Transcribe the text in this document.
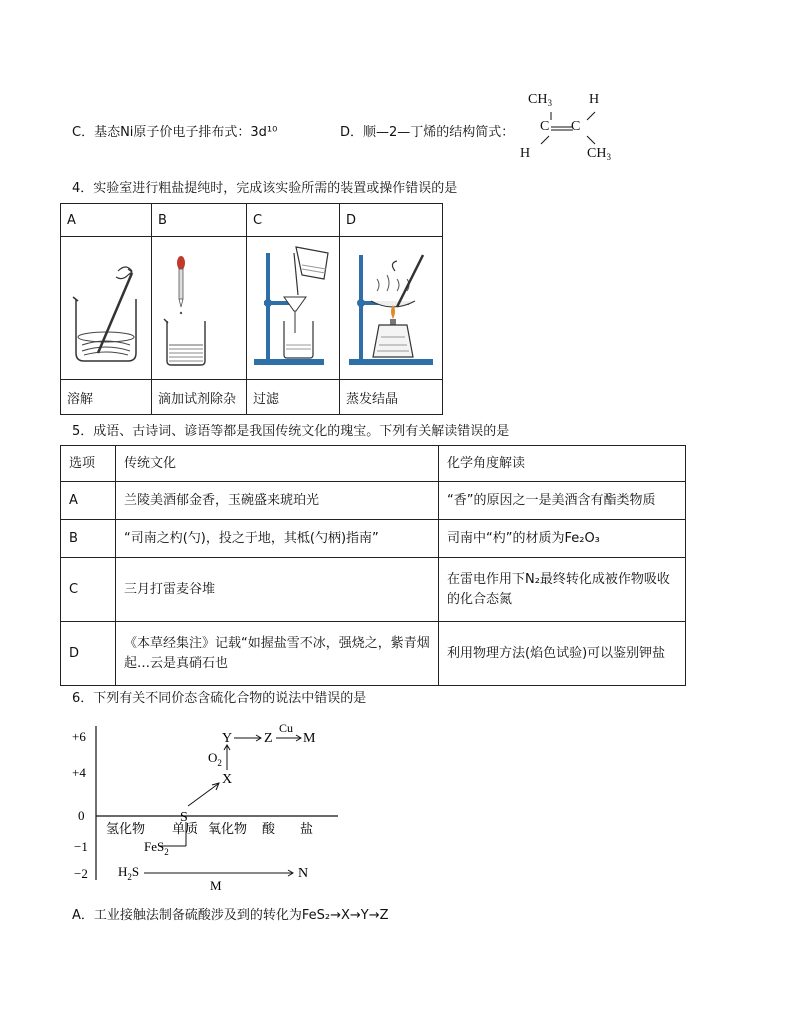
C．基态Ni原子价电子排布式：3d¹⁰	D．顺—2—丁烯的结构简式：
$CH_3$	H
C C
H	$CH_3$
4．实验室进行粗盐提纯时，完成该实验所需的装置或操作错误的是
A	B	C	D

溶解	滴加试剂除杂	过滤	蒸发结晶
5．成语、古诗词、谚语等都是我国传统文化的瑰宝。下列有关解读错误的是
选项	传统文化	化学角度解读
A	兰陵美酒郁金香，玉碗盛来琥珀光	“香”的原因之一是美酒含有酯类物质
B	“司南之杓(勺)，投之于地，其柢(勺柄)指南”	司南中“杓”的材质为Fe₂O₃
C	三月打雷麦谷堆	在雷电作用下N₂最终转化成被作物吸收的化合态氮
D	《本草经集注》记载“如握盐雪不冰，强烧之，紫青烟起…云是真硝石也	利用物理方法(焰色试验)可以鉴别钾盐
6．下列有关不同价态含硫化合物的说法中错误的是
+6
+4
0
−1
−2
氢化物 单质 氧化物 酸 盐
Y Z
Cu
M
$O_2$
X
S
FeS$_2$
$H_2S$	N
M
A．工业接触法制备硫酸涉及到的转化为FeS₂→X→Y→Z
